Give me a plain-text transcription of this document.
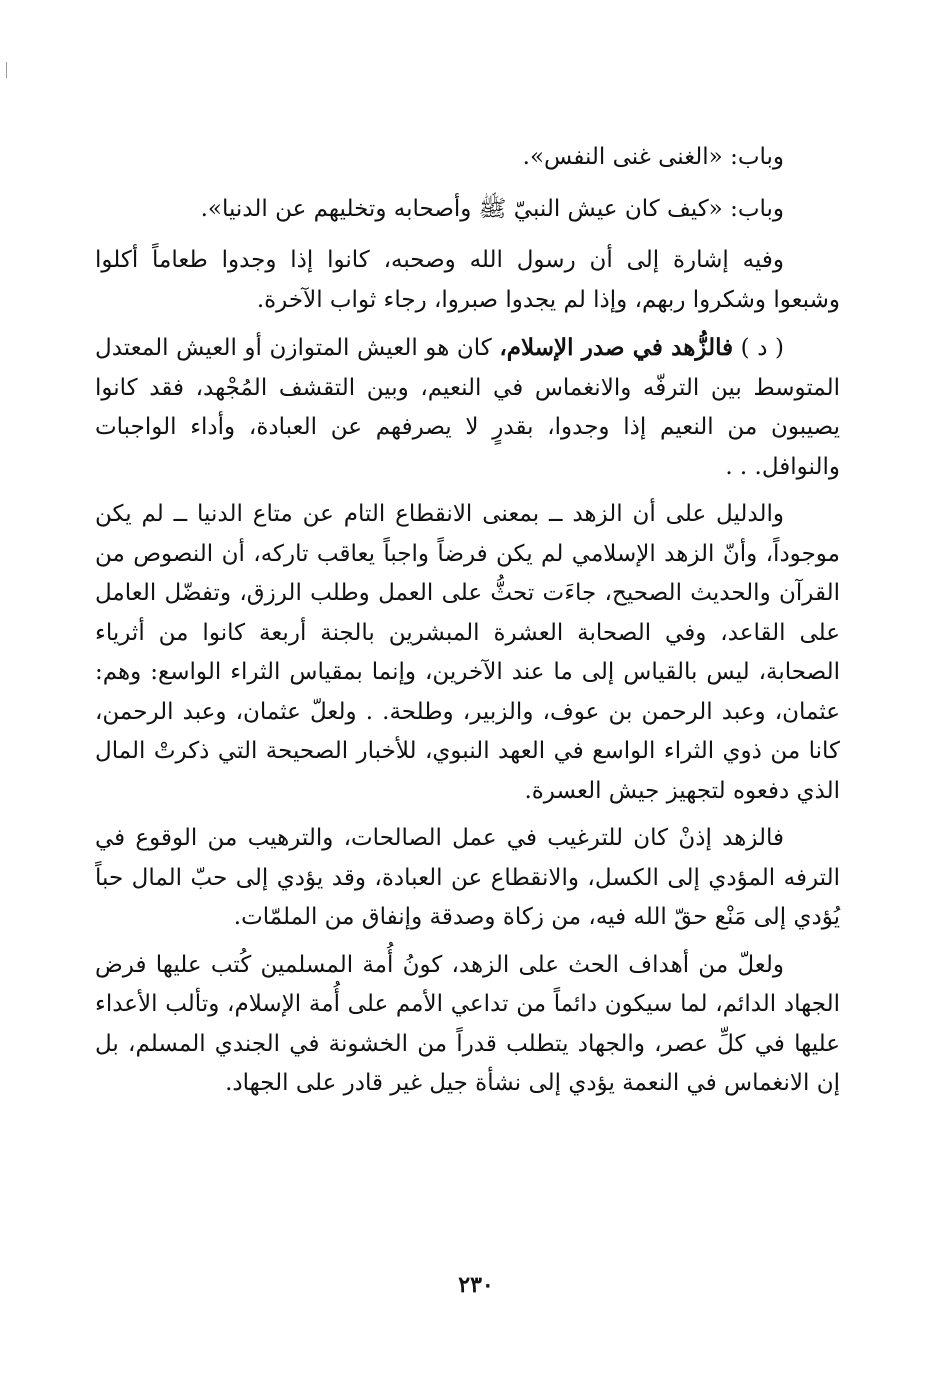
وباب: «الغنى غنى النفس».

وباب: «كيف كان عيش النبيّ ﷺ وأصحابه وتخليهم عن الدنيا».

وفيه إشارة إلى أن رسول الله وصحبه، كانوا إذا وجدوا طعاماً أكلوا وشبعوا وشكروا ربهم، وإذا لم يجدوا صبروا، رجاء ثواب الآخرة.

( د ) فالزُّهد في صدر الإسلام، كان هو العيش المتوازن أو العيش المعتدل المتوسط بين الترفّه والانغماس في النعيم، وبين التقشف المُجْهد، فقد كانوا يصيبون من النعيم إذا وجدوا، بقدرٍ لا يصرفهم عن العبادة، وأداء الواجبات والنوافل. . .

والدليل على أن الزهد ــ بمعنى الانقطاع التام عن متاع الدنيا ــ لم يكن موجوداً، وأنّ الزهد الإسلامي لم يكن فرضاً واجباً يعاقب تاركه، أن النصوص من القرآن والحديث الصحيح، جاءَت تحثُّ على العمل وطلب الرزق، وتفضّل العامل على القاعد، وفي الصحابة العشرة المبشرين بالجنة أربعة كانوا من أثرياء الصحابة، ليس بالقياس إلى ما عند الآخرين، وإنما بمقياس الثراء الواسع: وهم: عثمان، وعبد الرحمن بن عوف، والزبير، وطلحة. . ولعلّ عثمان، وعبد الرحمن، كانا من ذوي الثراء الواسع في العهد النبوي، للأخبار الصحيحة التي ذكرتْ المال الذي دفعوه لتجهيز جيش العسرة.

فالزهد إذنْ كان للترغيب في عمل الصالحات، والترهيب من الوقوع في الترفه المؤدي إلى الكسل، والانقطاع عن العبادة، وقد يؤدي إلى حبّ المال حباً يُؤدي إلى مَنْع حقّ الله فيه، من زكاة وصدقة وإنفاق من الملمّات.

ولعلّ من أهداف الحث على الزهد، كونُ أُمة المسلمين كُتب عليها فرض الجهاد الدائم، لما سيكون دائماً من تداعي الأمم على أُمة الإسلام، وتألب الأعداء عليها في كلِّ عصر، والجهاد يتطلب قدراً من الخشونة في الجندي المسلم، بل إن الانغماس في النعمة يؤدي إلى نشأة جيل غير قادر على الجهاد.

٢٣٠
